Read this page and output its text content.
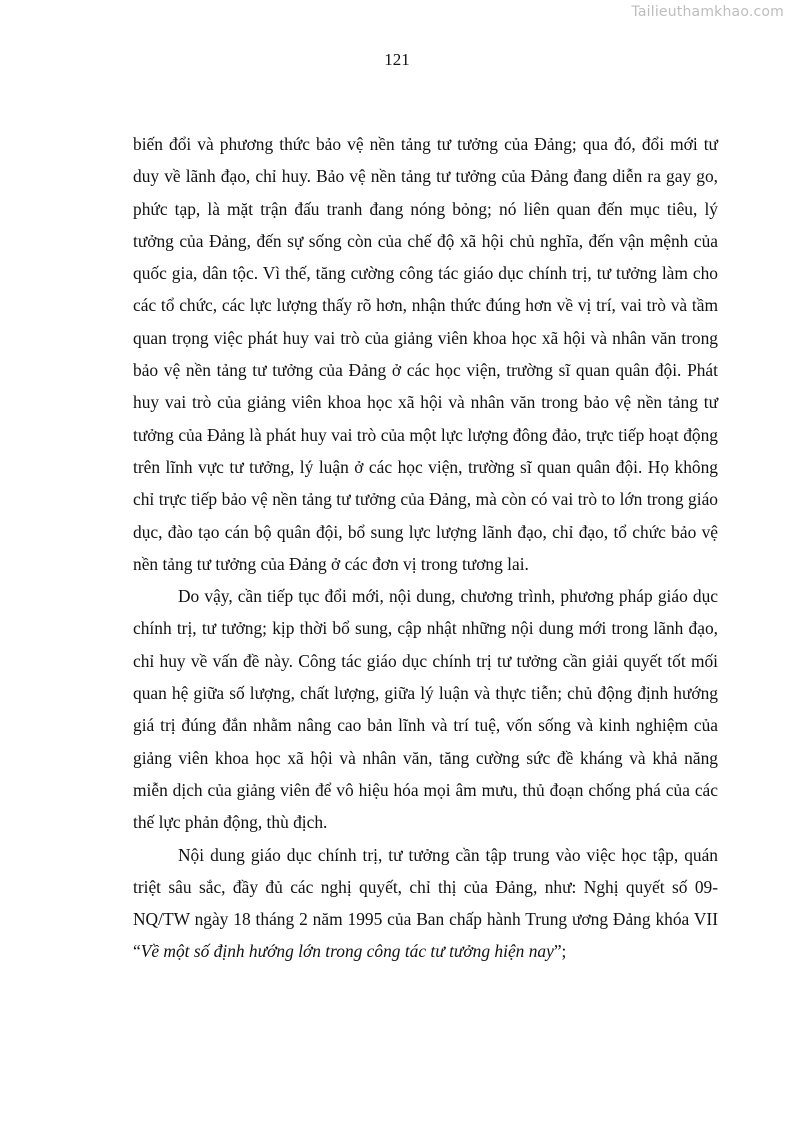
Tailieuthamkhao.com
121

biến đổi và phương thức bảo vệ nền tảng tư tưởng của Đảng; qua đó, đổi mới tư duy về lãnh đạo, chỉ huy. Bảo vệ nền tảng tư tưởng của Đảng đang diễn ra gay go, phức tạp, là mặt trận đấu tranh đang nóng bỏng; nó liên quan đến mục tiêu, lý tưởng của Đảng, đến sự sống còn của chế độ xã hội chủ nghĩa, đến vận mệnh của quốc gia, dân tộc. Vì thế, tăng cường công tác giáo dục chính trị, tư tưởng làm cho các tổ chức, các lực lượng thấy rõ hơn, nhận thức đúng hơn về vị trí, vai trò và tầm quan trọng việc phát huy vai trò của giảng viên khoa học xã hội và nhân văn trong bảo vệ nền tảng tư tưởng của Đảng ở các học viện, trường sĩ quan quân đội. Phát huy vai trò của giảng viên khoa học xã hội và nhân văn trong bảo vệ nền tảng tư tưởng của Đảng là phát huy vai trò của một lực lượng đông đảo, trực tiếp hoạt động trên lĩnh vực tư tưởng, lý luận ở các học viện, trường sĩ quan quân đội. Họ không chỉ trực tiếp bảo vệ nền tảng tư tưởng của Đảng, mà còn có vai trò to lớn trong giáo dục, đào tạo cán bộ quân đội, bổ sung lực lượng lãnh đạo, chỉ đạo, tổ chức bảo vệ nền tảng tư tưởng của Đảng ở các đơn vị trong tương lai.

Do vậy, cần tiếp tục đổi mới, nội dung, chương trình, phương pháp giáo dục chính trị, tư tưởng; kịp thời bổ sung, cập nhật những nội dung mới trong lãnh đạo, chỉ huy về vấn đề này. Công tác giáo dục chính trị tư tưởng cần giải quyết tốt mối quan hệ giữa số lượng, chất lượng, giữa lý luận và thực tiễn; chủ động định hướng giá trị đúng đắn nhằm nâng cao bản lĩnh và trí tuệ, vốn sống và kinh nghiệm của giảng viên khoa học xã hội và nhân văn, tăng cường sức đề kháng và khả năng miễn dịch của giảng viên để vô hiệu hóa mọi âm mưu, thủ đoạn chống phá của các thế lực phản động, thù địch.

Nội dung giáo dục chính trị, tư tưởng cần tập trung vào việc học tập, quán triệt sâu sắc, đầy đủ các nghị quyết, chỉ thị của Đảng, như: Nghị quyết số 09-NQ/TW ngày 18 tháng 2 năm 1995 của Ban chấp hành Trung ương Đảng khóa VII “Về một số định hướng lớn trong công tác tư tưởng hiện nay”;
